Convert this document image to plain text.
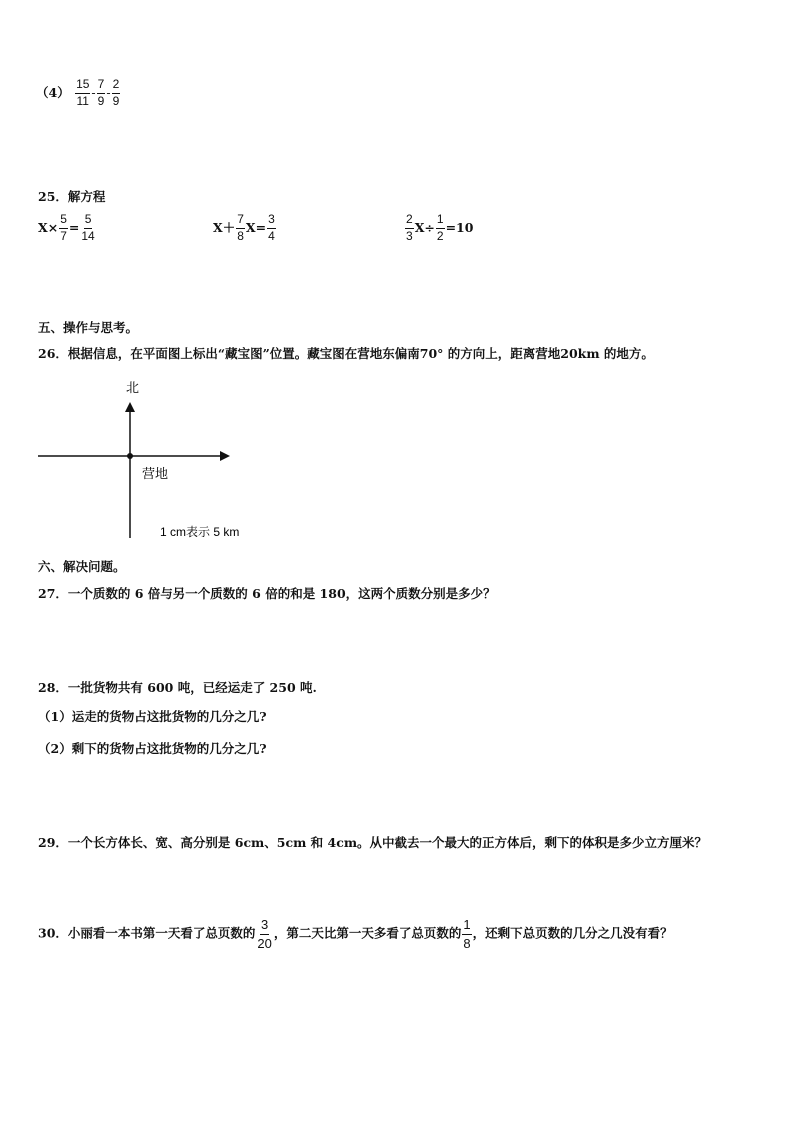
$(4) \frac{15}{11} - \frac{7}{9} - \frac{2}{9}$
25．解方程
$X\times \frac{5}{7} = \frac{5}{14}$	$X+ \frac{7}{8} X= \frac{3}{4}$	$\frac{2}{3} X\div \frac{1}{2} =10$
五、操作与思考。
26．根据信息，在平面图上标出“藏宝图”位置。藏宝图在营地东偏南70° 的方向上，距离营地20km 的地方。
北
营地
1 cm表示 5 km
六、解决问题。
27．一个质数的 6 倍与另一个质数的 6 倍的和是 180，这两个质数分别是多少？
28．一批货物共有 600 吨，已经运走了 250 吨.
（1）运走的货物占这批货物的几分之几?
（2）剩下的货物占这批货物的几分之几?
29．一个长方体长、宽、高分别是 6cm、5cm 和 4cm。从中截去一个最大的正方体后，剩下的体积是多少立方厘米？
30．小丽看一本书第一天看了总页数的 $\frac{3}{20}$ ，第二天比第一天多看了总页数的 $\frac{1}{8}$ ，还剩下总页数的几分之几没有看？
